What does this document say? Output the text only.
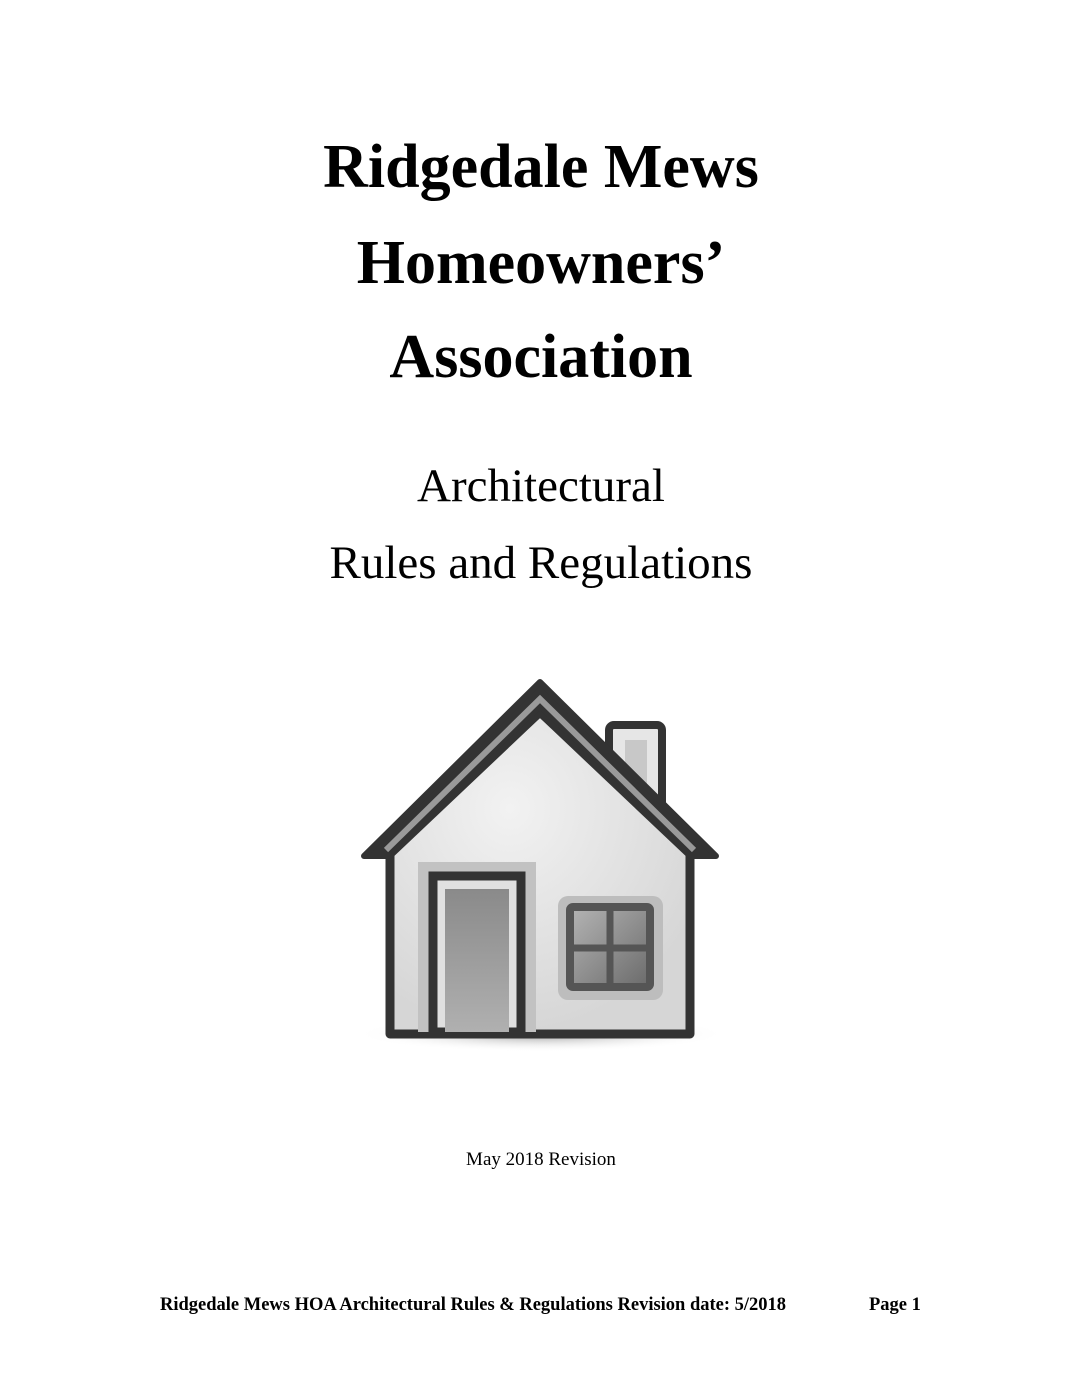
Ridgedale Mews
Homeowners’
Association
Architectural
Rules and Regulations
May 2018 Revision
Ridgedale Mews HOA Architectural Rules & Regulations Revision date: 5/2018	Page 1
